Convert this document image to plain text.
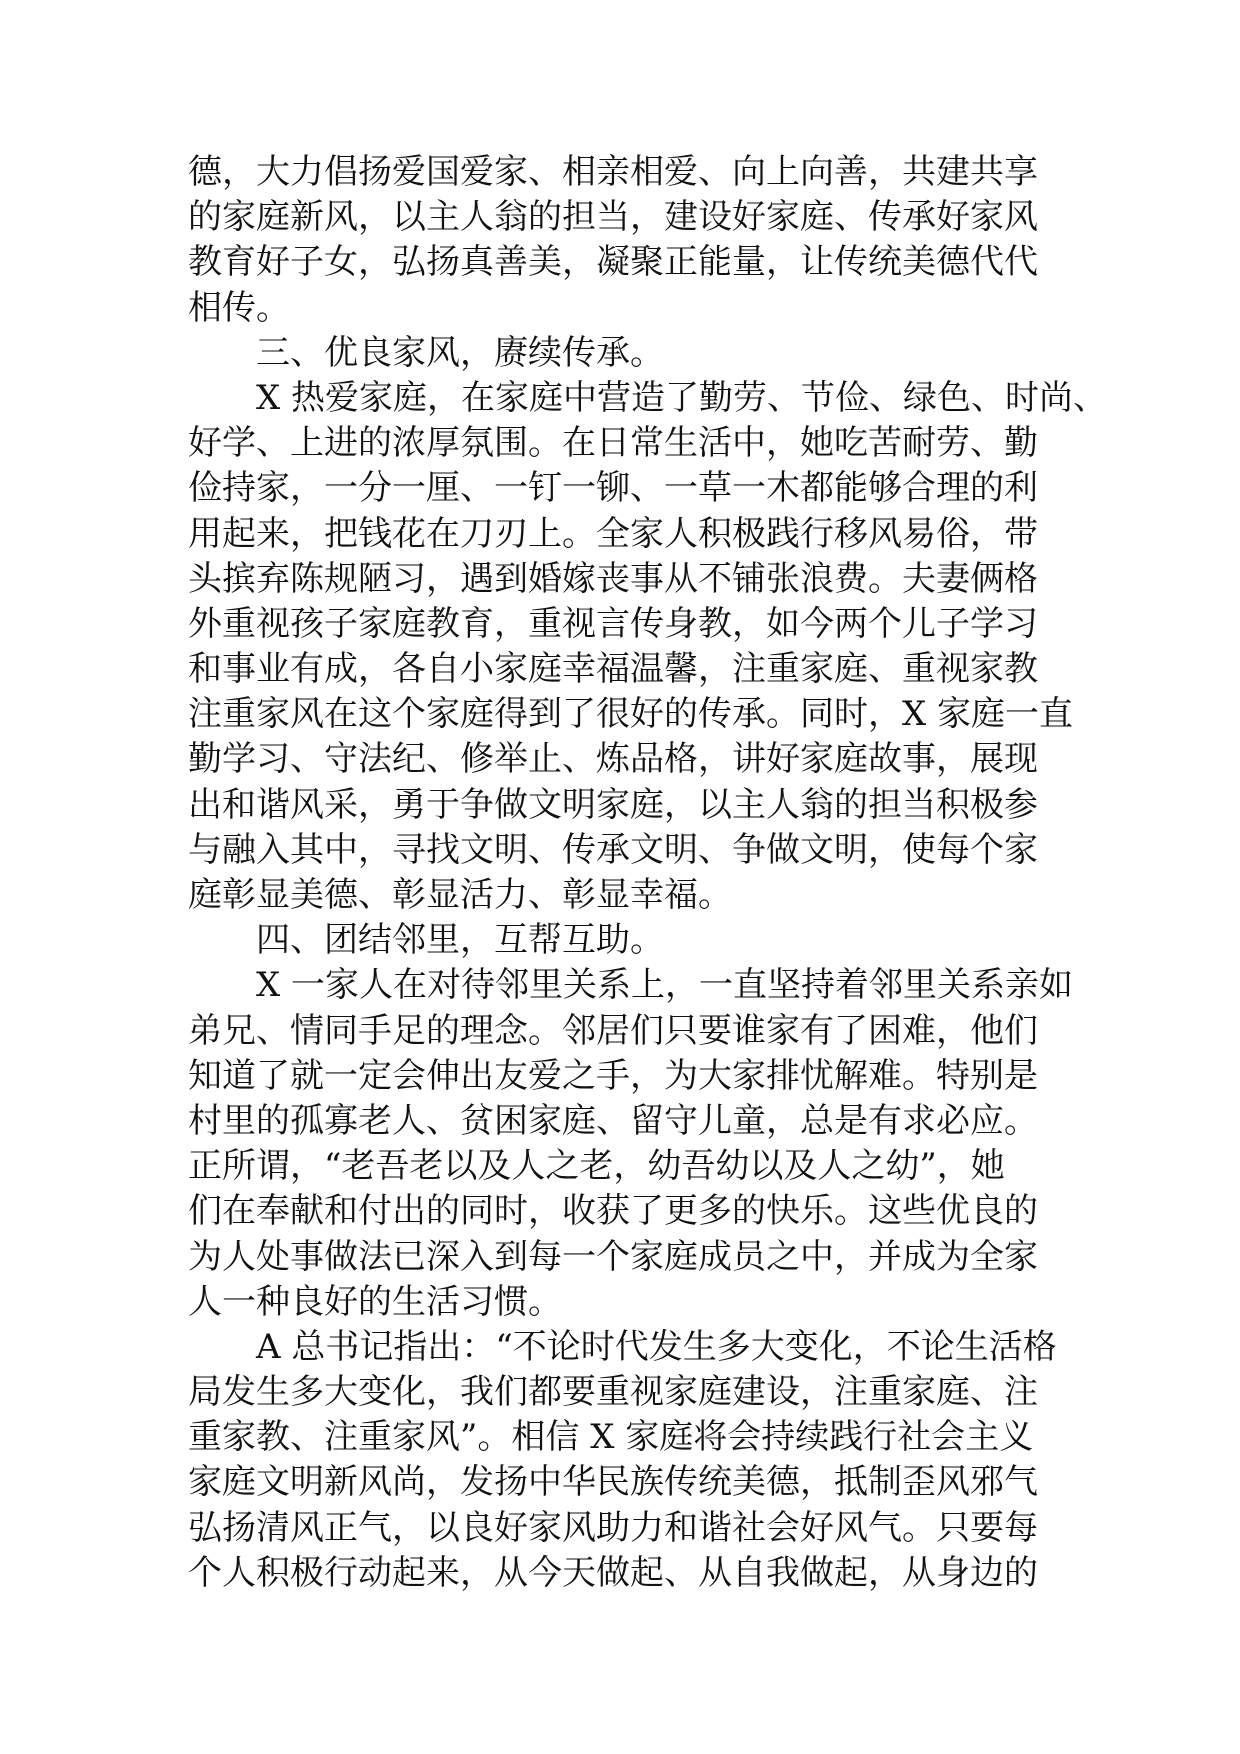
德，大力倡扬爱国爱家、相亲相爱、向上向善，共建共享
的家庭新风，以主人翁的担当，建设好家庭、传承好家风
教育好子女，弘扬真善美，凝聚正能量，让传统美德代代
相传。
三、优良家风，赓续传承。
X 热爱家庭，在家庭中营造了勤劳、节俭、绿色、时尚、
好学、上进的浓厚氛围。在日常生活中，她吃苦耐劳、勤
俭持家，一分一厘、一钉一铆、一草一木都能够合理的利
用起来，把钱花在刀刃上。全家人积极践行移风易俗，带
头摈弃陈规陋习，遇到婚嫁丧事从不铺张浪费。夫妻俩格
外重视孩子家庭教育，重视言传身教，如今两个儿子学习
和事业有成，各自小家庭幸福温馨，注重家庭、重视家教
注重家风在这个家庭得到了很好的传承。同时，X 家庭一直
勤学习、守法纪、修举止、炼品格，讲好家庭故事，展现
出和谐风采，勇于争做文明家庭，以主人翁的担当积极参
与融入其中，寻找文明、传承文明、争做文明，使每个家
庭彰显美德、彰显活力、彰显幸福。
四、团结邻里，互帮互助。
X 一家人在对待邻里关系上，一直坚持着邻里关系亲如
弟兄、情同手足的理念。邻居们只要谁家有了困难，他们
知道了就一定会伸出友爱之手，为大家排忧解难。特别是
村里的孤寡老人、贫困家庭、留守儿童，总是有求必应。
正所谓，“老吾老以及人之老，幼吾幼以及人之幼”，她
们在奉献和付出的同时，收获了更多的快乐。这些优良的
为人处事做法已深入到每一个家庭成员之中，并成为全家
人一种良好的生活习惯。
A 总书记指出：“不论时代发生多大变化，不论生活格
局发生多大变化，我们都要重视家庭建设，注重家庭、注
重家教、注重家风”。相信 X 家庭将会持续践行社会主义
家庭文明新风尚，发扬中华民族传统美德，抵制歪风邪气
弘扬清风正气，以良好家风助力和谐社会好风气。只要每
个人积极行动起来，从今天做起、从自我做起，从身边的
